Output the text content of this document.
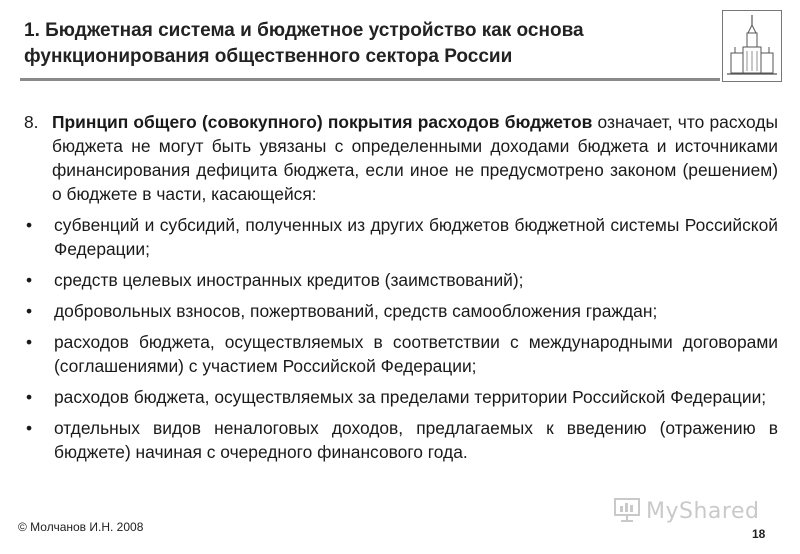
1. Бюджетная система и бюджетное устройство как основа
функционирования общественного сектора России
8. Принцип общего (совокупного) покрытия расходов бюджетов означает, что расходы бюджета не могут быть увязаны с определенными доходами бюджета и источниками финансирования дефицита бюджета, если иное не предусмотрено законом (решением) о бюджете в части, касающейся:
•	субвенций и субсидий, полученных из других бюджетов бюджетной системы Российской Федерации;
•	средств целевых иностранных кредитов (заимствований);
•	добровольных взносов, пожертвований, средств самообложения граждан;
•	расходов бюджета, осуществляемых в соответствии с международными договорами (соглашениями) с участием Российской Федерации;
•	расходов бюджета, осуществляемых за пределами территории Российской Федерации;
•	отдельных видов неналоговых доходов, предлагаемых к введению (отражению в бюджете) начиная с очередного финансового года.
MyShared
© Молчанов И.Н. 2008	18
